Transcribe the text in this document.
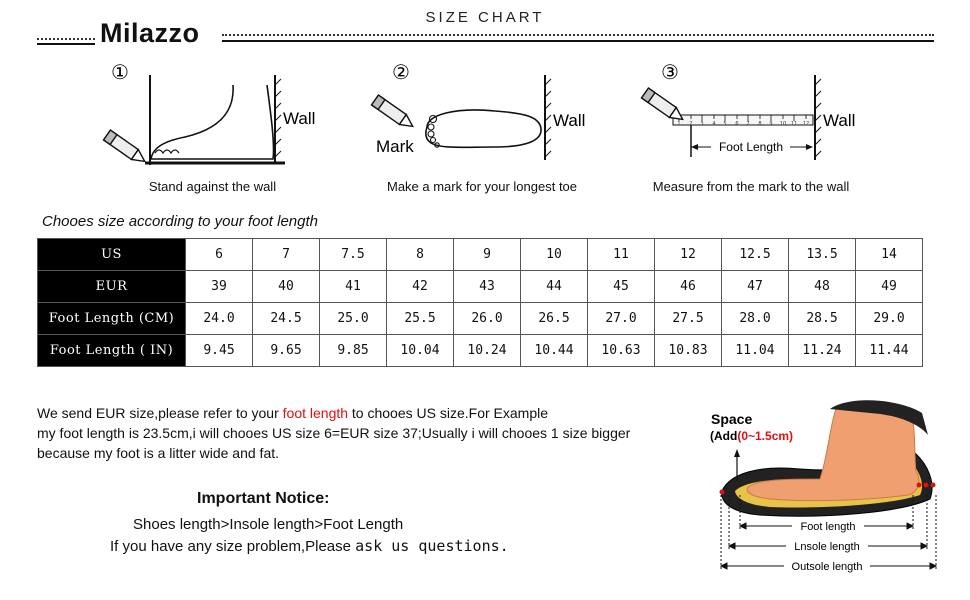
SIZE CHART
Milazzo
①
Wall
Stand against the wall
②
Mark
Wall
Make a mark for your longest toe
③
1 2 3 4 5 6 7 8 9 10 11 12
Foot Length
Wall
Measure from the mark to the wall
Chooes size according to your foot length
US	6	7	7.5	8	9	10	11	12	12.5	13.5	14
EUR	39	40	41	42	43	44	45	46	47	48	49
Foot Length (CM)	24.0	24.5	25.0	25.5	26.0	26.5	27.0	27.5	28.0	28.5	29.0
Foot Length ( IN)	9.45	9.65	9.85	10.04	10.24	10.44	10.63	10.83	11.04	11.24	11.44
We send EUR size,please refer to your foot length to chooes US size.For Example
my foot length is 23.5cm,i will chooes US size 6=EUR size 37;Usually i will chooes 1 size bigger
because my foot is a litter wide and fat.
Important Notice:
Shoes length>Insole length>Foot Length
If you have any size problem,Please ask us questions.
Space
(Add(0~1.5cm)
Foot length
Lnsole length
Outsole length
